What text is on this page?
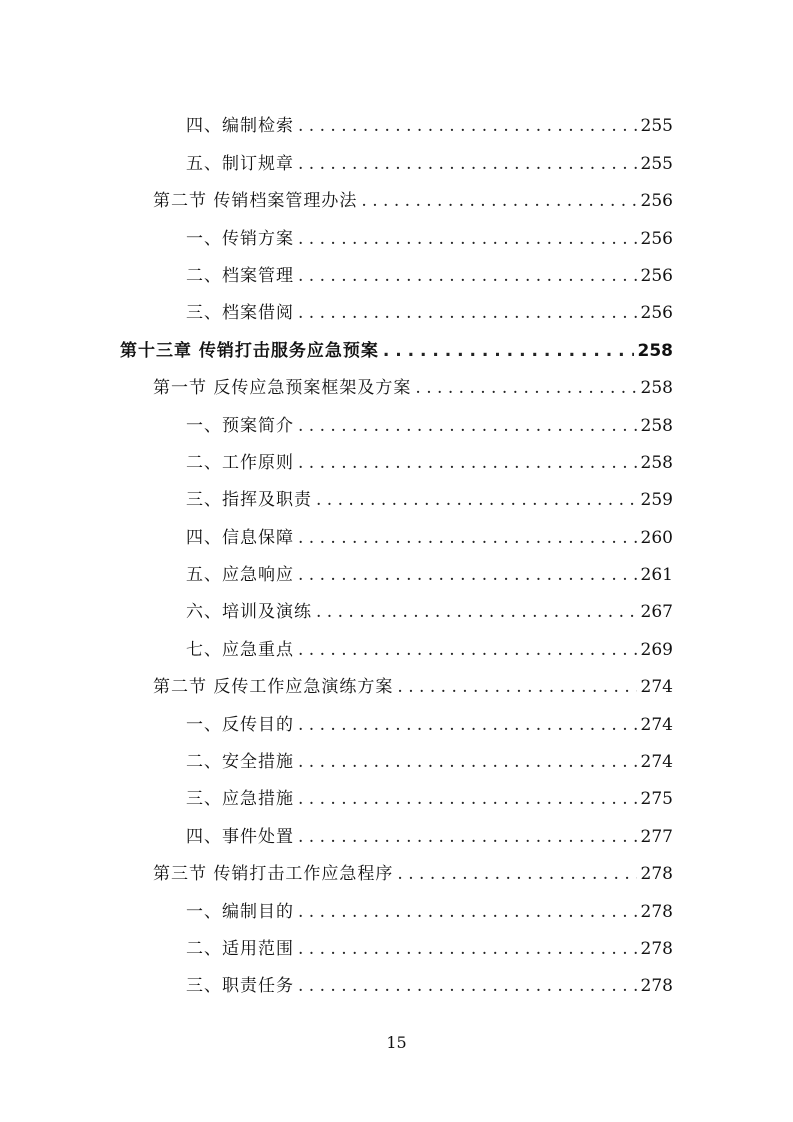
四、编制检索 . . .	255
五、制订规章 . . .	255
第二节 传销档案管理办法 . . .	256
一、传销方案 . . .	256
二、档案管理 . . .	256
三、档案借阅 . . .	256
第十三章 传销打击服务应急预案 . . .	258
第一节 反传应急预案框架及方案 . . .	258
一、预案简介 . . .	258
二、工作原则 . . .	258
三、指挥及职责 . . .	259
四、信息保障 . . .	260
五、应急响应 . . .	261
六、培训及演练 . . .	267
七、应急重点 . . .	269
第二节 反传工作应急演练方案 . . .	274
一、反传目的 . . .	274
二、安全措施 . . .	274
三、应急措施 . . .	275
四、事件处置 . . .	277
第三节 传销打击工作应急程序 . . .	278
一、编制目的 . . .	278
二、适用范围 . . .	278
三、职责任务 . . .	278
15
